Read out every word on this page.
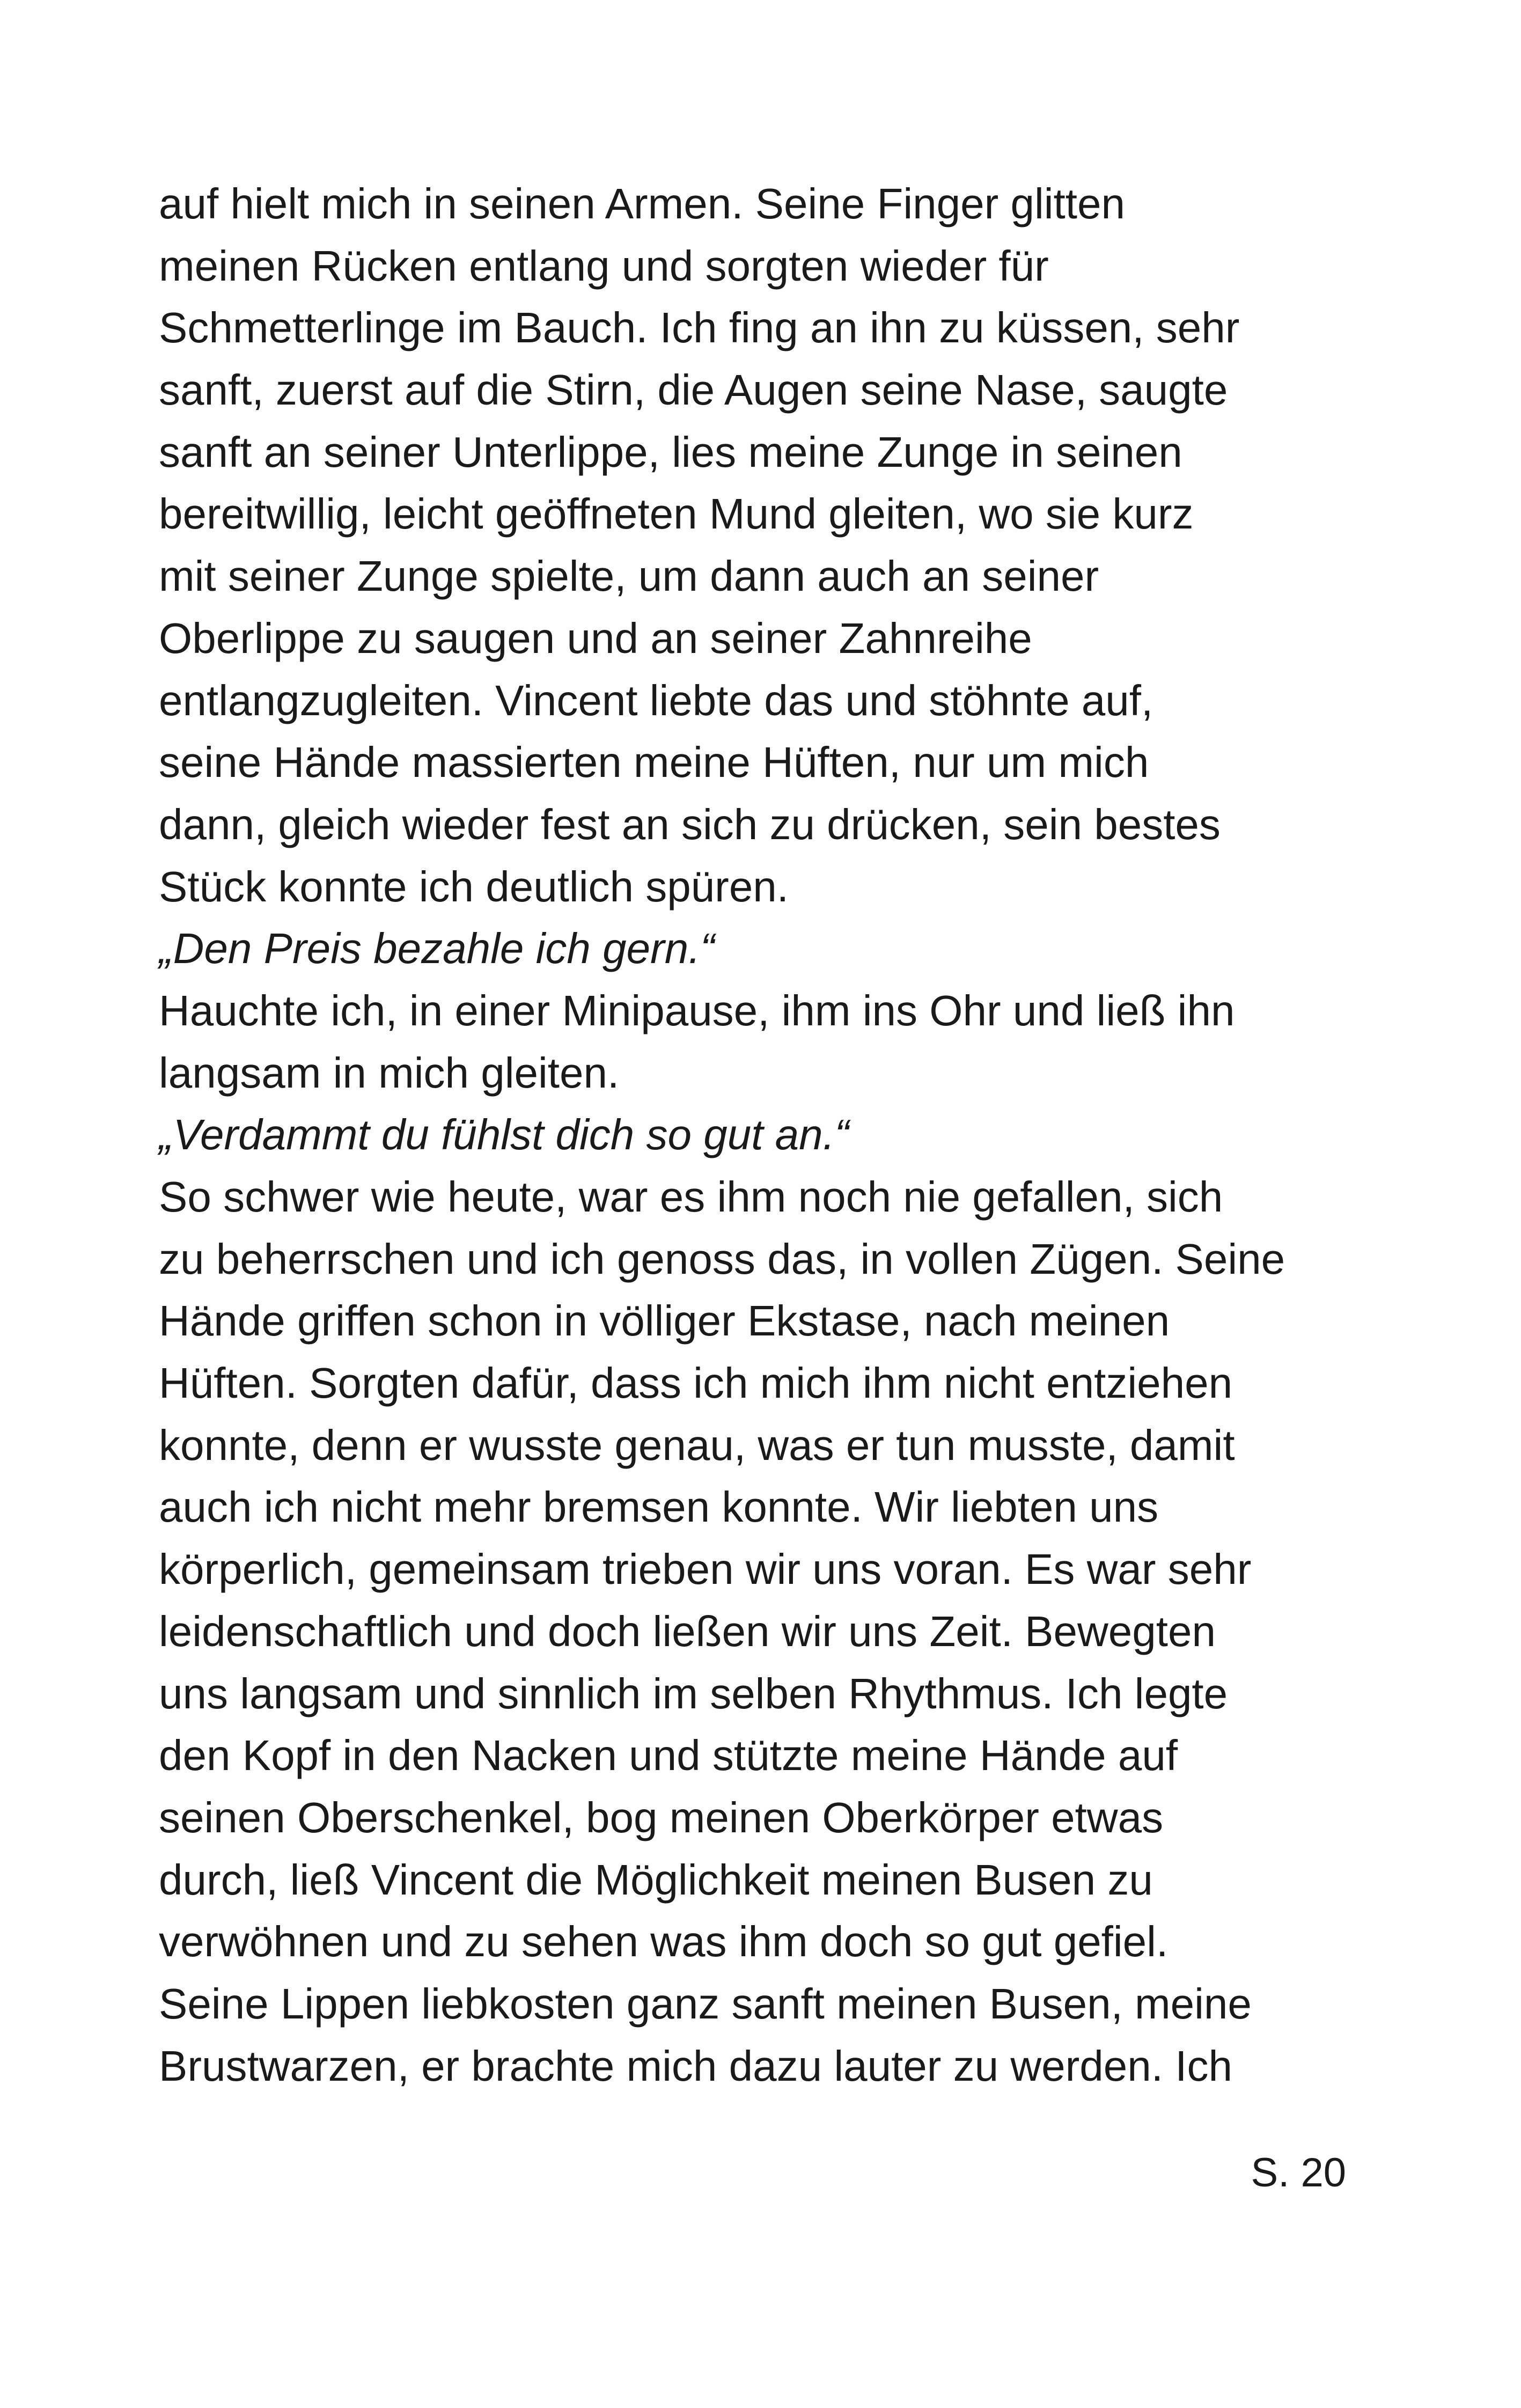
auf hielt mich in seinen Armen. Seine Finger glitten
meinen Rücken entlang und sorgten wieder für
Schmetterlinge im Bauch. Ich fing an ihn zu küssen, sehr
sanft, zuerst auf die Stirn, die Augen seine Nase, saugte
sanft an seiner Unterlippe, lies meine Zunge in seinen
bereitwillig, leicht geöffneten Mund gleiten, wo sie kurz
mit seiner Zunge spielte, um dann auch an seiner
Oberlippe zu saugen und an seiner Zahnreihe
entlangzugleiten. Vincent liebte das und stöhnte auf,
seine Hände massierten meine Hüften, nur um mich
dann, gleich wieder fest an sich zu drücken, sein bestes
Stück konnte ich deutlich spüren.
„Den Preis bezahle ich gern.“
Hauchte ich, in einer Minipause, ihm ins Ohr und ließ ihn
langsam in mich gleiten.
„Verdammt du fühlst dich so gut an.“
So schwer wie heute, war es ihm noch nie gefallen, sich
zu beherrschen und ich genoss das, in vollen Zügen. Seine
Hände griffen schon in völliger Ekstase, nach meinen
Hüften. Sorgten dafür, dass ich mich ihm nicht entziehen
konnte, denn er wusste genau, was er tun musste, damit
auch ich nicht mehr bremsen konnte. Wir liebten uns
körperlich, gemeinsam trieben wir uns voran. Es war sehr
leidenschaftlich und doch ließen wir uns Zeit. Bewegten
uns langsam und sinnlich im selben Rhythmus. Ich legte
den Kopf in den Nacken und stützte meine Hände auf
seinen Oberschenkel, bog meinen Oberkörper etwas
durch, ließ Vincent die Möglichkeit meinen Busen zu
verwöhnen und zu sehen was ihm doch so gut gefiel.
Seine Lippen liebkosten ganz sanft meinen Busen, meine
Brustwarzen, er brachte mich dazu lauter zu werden. Ich
S. 20
